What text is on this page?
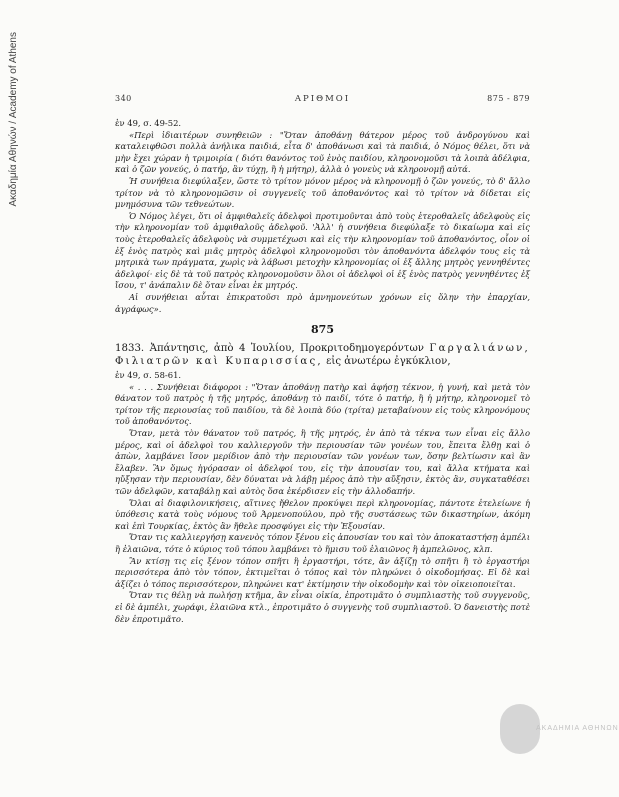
Ακαδημία Αθηνών / Academy of Athens	340	ΑΡΙΘΜΟΙ	875 - 879

ἐν 49, σ. 49-52.

«Περὶ ἰδιαιτέρων συνηθειῶν : "Ὅταν ἀποθάνῃ θάτερον μέρος τοῦ ἀνδρογύνου καὶ καταλειφθῶσι πολλὰ ἀνήλικα παιδιά, εἶτα δ' ἀποθάνωσι καὶ τὰ παιδιά, ὁ Νόμος θέλει, ὅτι νὰ μὴν ἔχει χώραν ἡ τριμοιρία ( διότι θανόντος τοῦ ἑνὸς παιδίου, κληρονομοῦσι τὰ λοιπὰ ἀδέλφια, καὶ ὁ ζῶν γονεύς, ὁ πατήρ, ἂν τύχῃ, ἢ ἡ μήτηρ), ἀλλὰ ὁ γονεὺς νὰ κληρονομῇ αὐτά.

Ἡ συνήθεια διεφύλαξεν, ὥστε τὸ τρίτον μόνον μέρος νὰ κληρονομῇ ὁ ζῶν γονεύς, τὸ δ' ἄλλο τρίτον νὰ τὸ κληρονομῶσιν οἱ συγγενεῖς τοῦ ἀποθανόντος καὶ τὸ τρίτον νὰ δίδεται εἰς μνημόσυνα τῶν τεθνεώτων.

Ὁ Νόμος λέγει, ὅτι οἱ ἀμφιθαλεῖς ἀδελφοὶ προτιμοῦνται ἀπὸ τοὺς ἑτεροθαλεῖς ἀδελφοὺς εἰς τὴν κληρονομίαν τοῦ ἀμφιθαλοῦς ἀδελφοῦ. 'Ἀλλ' ἡ συνήθεια διεφύλαξε τὸ δικαίωμα καὶ εἰς τοὺς ἑτεροθαλεῖς ἀδελφοὺς νὰ συμμετέχωσι καὶ εἰς τὴν κληρονομίαν τοῦ ἀποθανόντος, οἷον οἱ ἐξ ἑνὸς πατρὸς καὶ μιᾶς μητρὸς ἀδελφοὶ κληρονομοῦσι τὸν ἀποθανόντα ἀδελφόν τους εἰς τὰ μητρικὰ των πράγματα, χωρὶς νὰ λάβωσι μετοχὴν κληρονομίας οἱ ἐξ ἄλλης μητρὸς γεννηθέντες ἀδελφοί· εἰς δὲ τὰ τοῦ πατρὸς κληρονομοῦσιν ὅλοι οἱ ἀδελφοὶ οἱ ἐξ ἑνὸς πατρὸς γεννηθέντες ἐξ ἴσου, τ' ἀνάπαλιν δὲ ὅταν εἶναι ἐκ μητρός.

Αἱ συνήθειαι αὗται ἐπικρατοῦσι πρὸ ἀμνημονεύτων χρόνων εἰς ὅλην τὴν ἐπαρχίαν, ἀγράφως».

875
1833. Ἀπάντησις, ἀπὸ 4 Ἰουλίου, Προκριτοδημογερόντων Γαργαλιάνων, Φιλιατρῶν καὶ Κυπαρισσίας, εἰς ἀνωτέρω ἐγκύκλιον,

ἐν 49, σ. 58-61.

« . . . Συνήθειαι διάφοροι : "Ὅταν ἀποθάνῃ πατὴρ καὶ ἀφήσῃ τέκνον, ἡ γυνή, καὶ μετὰ τὸν θάνατον τοῦ πατρὸς ἡ τῆς μητρός, ἀποθάνῃ τὸ παιδί, τότε ὁ πατήρ, ἢ ἡ μήτηρ, κληρονομεῖ τὸ τρίτον τῆς περιουσίας τοῦ παιδίου, τὰ δὲ λοιπὰ δύο (τρίτα) μεταβαίνουν εἰς τοὺς κληρονόμους τοῦ ἀποθανόντος.

Ὅταν, μετὰ τὸν θάνατον τοῦ πατρός, ἢ τῆς μητρός, ἐν ἀπὸ τὰ τέκνα των εἶναι εἰς ἄλλο μέρος, καὶ οἱ ἀδελφοὶ του καλλιεργοῦν τὴν περιουσίαν τῶν γονέων του, ἔπειτα ἔλθῃ καὶ ὁ ἀπὼν, λαμβάνει ἴσον μερίδιον ἀπὸ τὴν περιουσίαν τῶν γονέων των, ὅσην βελτίωσιν καὶ ἂν ἔλαβεν. Ἂν ὅμως ἠγόρασαν οἱ ἀδελφοί του, εἰς τὴν ἀπουσίαν του, καὶ ἄλλα κτήματα καὶ ηὔξησαν τὴν περιουσίαν, δὲν δύναται νὰ λάβῃ μέρος ἀπὸ τὴν αὔξησιν, ἐκτὸς ἂν, συγκαταθέσει τῶν ἀδελφῶν, καταβάλῃ καὶ αὐτὸς ὅσα ἐκέρδισεν εἰς τὴν ἀλλοδαπήν.

Ὅλαι αἱ διαφιλονικήσεις, αἵτινες ἤθελον προκύψει περὶ κληρονομίας, πάντοτε ἐτελείωνε ἡ ὑπόθεσις κατὰ τοὺς νόμους τοῦ Ἀρμενοπούλου, πρὸ τῆς συστάσεως τῶν δικαστηρίων, ἀκόμη καὶ ἐπὶ Τουρκίας, ἐκτὸς ἂν ἤθελε προσφύγει εἰς τὴν Ἐξουσίαν.

Ὅταν τις καλλιεργήσῃ κανενὸς τόπον ξένου εἰς ἀπουσίαν του καὶ τὸν ἀποκαταστήσῃ ἀμπέλι ἢ ἐλαιῶνα, τότε ὁ κύριος τοῦ τόπου λαμβάνει τὸ ἥμισυ τοῦ ἐλαιῶνος ἢ ἀμπελῶνος, κλπ.

Ἂν κτίσῃ τις εἰς ξένον τόπον σπῆτι ἢ ἐργαστήρι, τότε, ἂν ἀξίζῃ τὸ σπῆτι ἢ τὸ ἐργαστήρι περισσότερα ἀπὸ τὸν τόπον, ἐκτιμεῖται ὁ τόπος καὶ τὸν πληρώνει ὁ οἰκοδομήσας. Εἰ δὲ καὶ ἀξίζει ὁ τόπος περισσότερον, πληρώνει κατ' ἐκτίμησιν τὴν οἰκοδομὴν καὶ τὸν οἰκειοποιεῖται.

Ὅταν τις θέλῃ νὰ πωλήσῃ κτῆμα, ἂν εἶναι οἰκία, ἐπροτιμᾶτο ὁ συμπλιαστὴς τοῦ συγγενοῦς, εἰ δὲ ἀμπέλι, χωράφι, ἐλαιῶνα κτλ., ἐπροτιμᾶτο ὁ συγγενὴς τοῦ συμπλιαστοῦ. Ὁ δανειστὴς ποτὲ δὲν ἐπροτιμᾶτο.

ΑΚΑΔΗΜΙΑ ΑΘΗΝΩΝ
